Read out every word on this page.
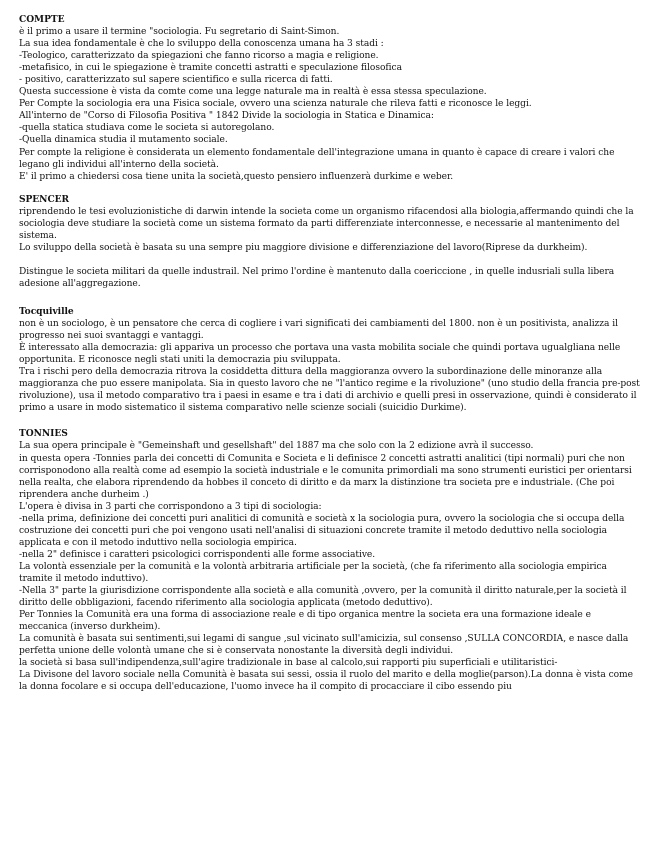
COMPTE
è il primo a usare il termine "sociologia. Fu segretario di Saint-Simon.
La sua idea fondamentale è che lo sviluppo della conoscenza umana ha 3 stadi :
-Teologico, caratterizzato da spiegazioni che fanno ricorso a magia e religione.
-metafisico, in cui le spiegazione è tramite concetti astratti e speculazione filosofica
- positivo, caratterizzato sul sapere scientifico e sulla ricerca di fatti.
Questa successione è vista da comte come una legge naturale ma in realtà è essa stessa speculazione.
Per Compte la sociologia era una Fisica sociale, ovvero una scienza naturale che rileva fatti e riconosce le leggi.
All'interno de "Corso di Filosofia Positiva " 1842 Divide la sociologia in Statica e Dinamica:
-quella statica studiava come le societa si autoregolano.
-Quella dinamica studia il mutamento sociale.
Per compte la religione è considerata un elemento fondamentale dell'integrazione umana in quanto è capace di creare i valori che legano gli individui all'interno della società.
E' il primo a chiedersi cosa tiene unita la società,questo pensiero influenzerà durkime e weber.
SPENCER
riprendendo le tesi evoluzionistiche di darwin intende la societa come un organismo rifacendosi alla biologia,affermando quindi che la sociologia deve studiare la società come un sistema formato da parti differenziate interconnesse, e necessarie al mantenimento del sistema.
Lo sviluppo della società è basata su una sempre piu maggiore divisione e differenziazione del lavoro(Riprese da durkheim).
Distingue le societa militari da quelle industrail. Nel primo l'ordine è mantenuto dalla coericcione , in quelle indusriali sulla libera adesione all'aggregazione.
Tocquiville
non è un sociologo, è un pensatore che cerca di cogliere i vari significati dei cambiamenti del 1800. non è un positivista, analizza il progresso nei suoi svantaggi e vantaggi.
È interessato alla democrazia: gli appariva un processo che portava una vasta mobilita sociale che quindi portava ugualgliana nelle opportunita. E riconosce negli stati uniti la democrazia piu sviluppata.
Tra i rischi pero della democrazia ritrova la cosiddetta dittura della maggioranza ovvero la subordinazione delle minoranze alla maggioranza che puo essere manipolata. Sia in questo lavoro che ne "l'antico regime e la rivoluzione" (uno studio della francia pre-post rivoluzione), usa il metodo comparativo tra i paesi in esame e tra i dati di archivio e quelli presi in osservazione, quindi è considerato il primo a usare in modo sistematico il sistema comparativo nelle scienze sociali (suicidio Durkime).
TONNIES
La sua opera principale è "Gemeinshaft und gesellshaft" del 1887 ma che solo con la 2 edizione avrà il successo.
in questa opera -Tonnies parla dei concetti di Comunita e Societa e li definisce 2 concetti astratti analitici (tipi normali) puri che non corrisponodono alla realtà come ad esempio la società industriale e le comunita primordiali ma sono strumenti euristici per orientarsi nella realta, che elabora riprendendo da hobbes il conceto di diritto e da marx la distinzione tra societa pre e industriale. (Che poi riprendera anche durheim .)
L'opera è divisa in 3 parti che corrispondono a 3 tipi di sociologia:
-nella prima, definizione dei concetti puri analitici di comunità e società x la sociologia pura, ovvero la sociologia che si occupa della costruzione dei concetti puri che poi vengono usati nell'analisi di situazioni concrete tramite il metodo deduttivo nella sociologia applicata e con il metodo induttivo nella sociologia empirica.
-nella 2" definisce i caratteri psicologici corrispondenti alle forme associative.
La volontà essenziale per la comunità e la volontà arbitraria artificiale per la società, (che fa riferimento alla sociologia empirica tramite il metodo induttivo).
-Nella 3" parte la giurisdizione corrispondente alla società e alla comunità ,ovvero, per la comunità il diritto naturale,per la società il diritto delle obbligazioni, facendo riferimento alla sociologia applicata (metodo deduttivo).
Per Tonnies la Comunità era una forma di associazione reale e di tipo organica mentre la societa era una formazione ideale e meccanica (inverso durkheim).
La comunità è basata sui sentimenti,sui legami di sangue ,sul vicinato sull'amicizia, sul consenso ,SULLA CONCORDIA, e nasce dalla perfetta unione delle volontà umane che si è conservata nonostante la diversità degli individui.
la società si basa sull'indipendenza,sull'agire tradizionale in base al calcolo,sui rapporti piu superficiali e utilitaristici-
La Divisone del lavoro sociale nella Comunità è basata sui sessi, ossia il ruolo del marito e della moglie(parson).La donna è vista come la donna focolare e si occupa dell'educazione, l'uomo invece ha il compito di procacciare il cibo essendo piu
